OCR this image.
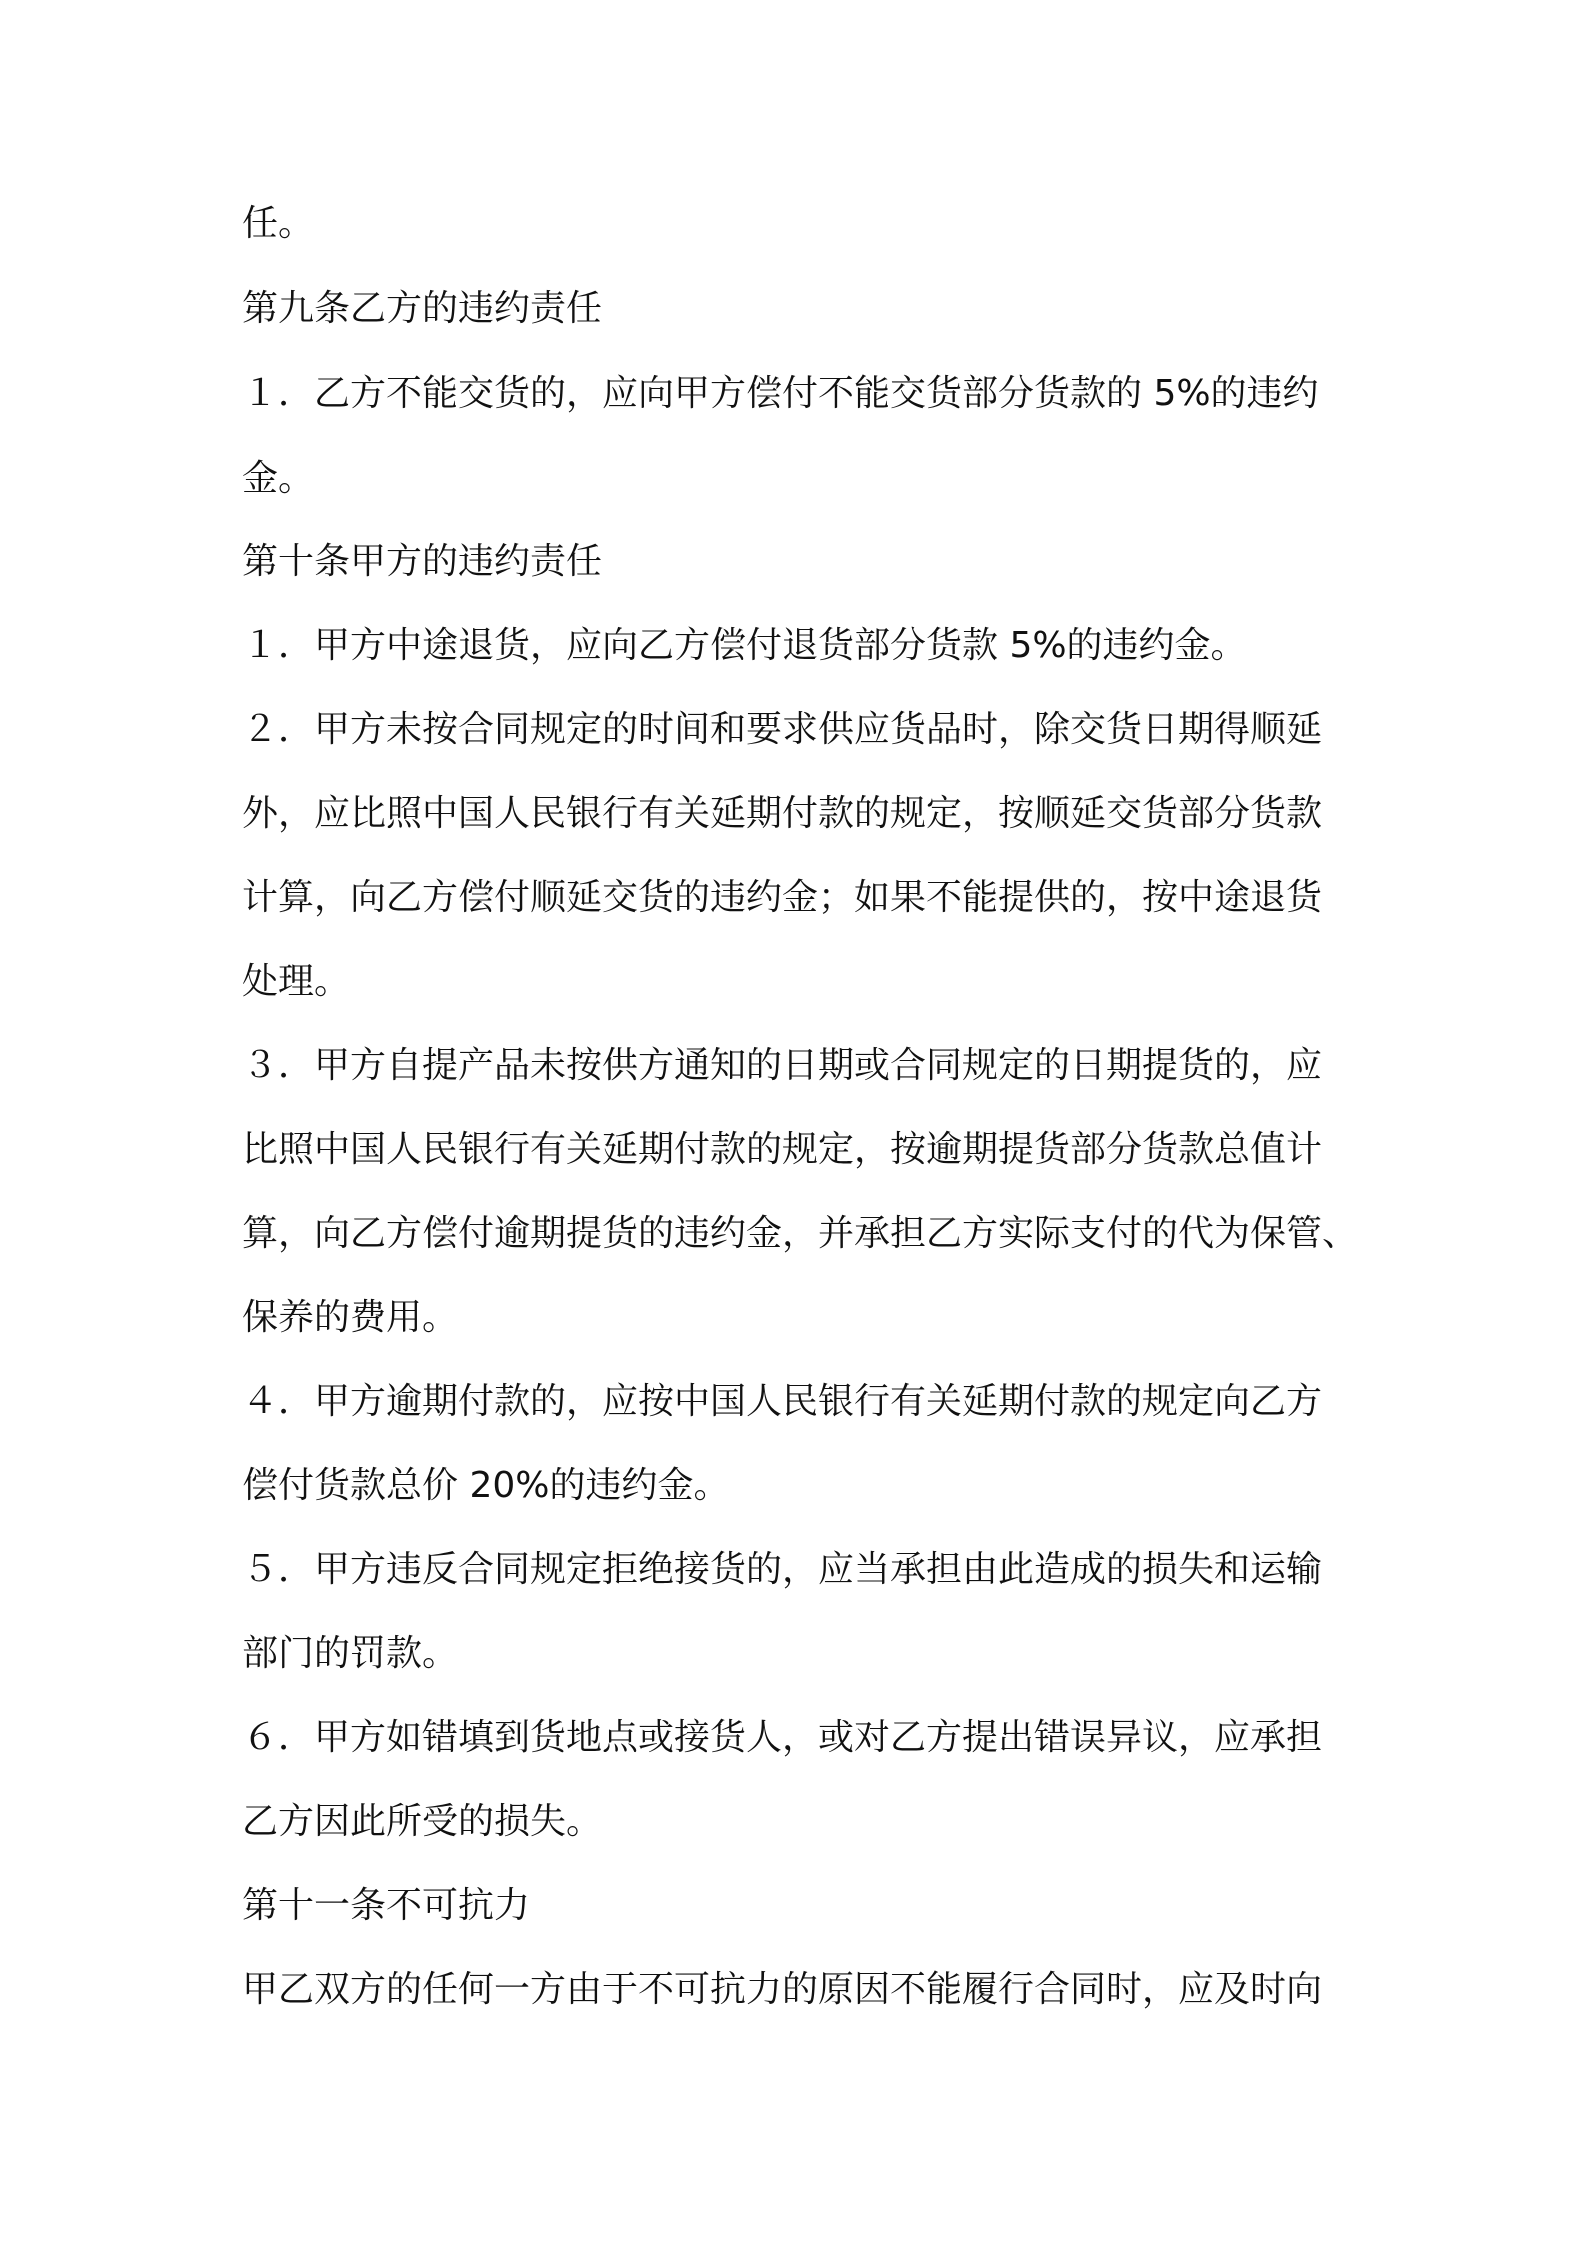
任。
第九条乙方的违约责任
１．乙方不能交货的，应向甲方偿付不能交货部分货款的 5%的违约
金。
第十条甲方的违约责任
１．甲方中途退货，应向乙方偿付退货部分货款 5%的违约金。
２．甲方未按合同规定的时间和要求供应货品时，除交货日期得顺延
外，应比照中国人民银行有关延期付款的规定，按顺延交货部分货款
计算，向乙方偿付顺延交货的违约金；如果不能提供的，按中途退货
处理。
３．甲方自提产品未按供方通知的日期或合同规定的日期提货的，应
比照中国人民银行有关延期付款的规定，按逾期提货部分货款总值计
算，向乙方偿付逾期提货的违约金，并承担乙方实际支付的代为保管、
保养的费用。
４．甲方逾期付款的，应按中国人民银行有关延期付款的规定向乙方
偿付货款总价 20%的违约金。
５．甲方违反合同规定拒绝接货的，应当承担由此造成的损失和运输
部门的罚款。
６．甲方如错填到货地点或接货人，或对乙方提出错误异议，应承担
乙方因此所受的损失。
第十一条不可抗力
甲乙双方的任何一方由于不可抗力的原因不能履行合同时，应及时向
